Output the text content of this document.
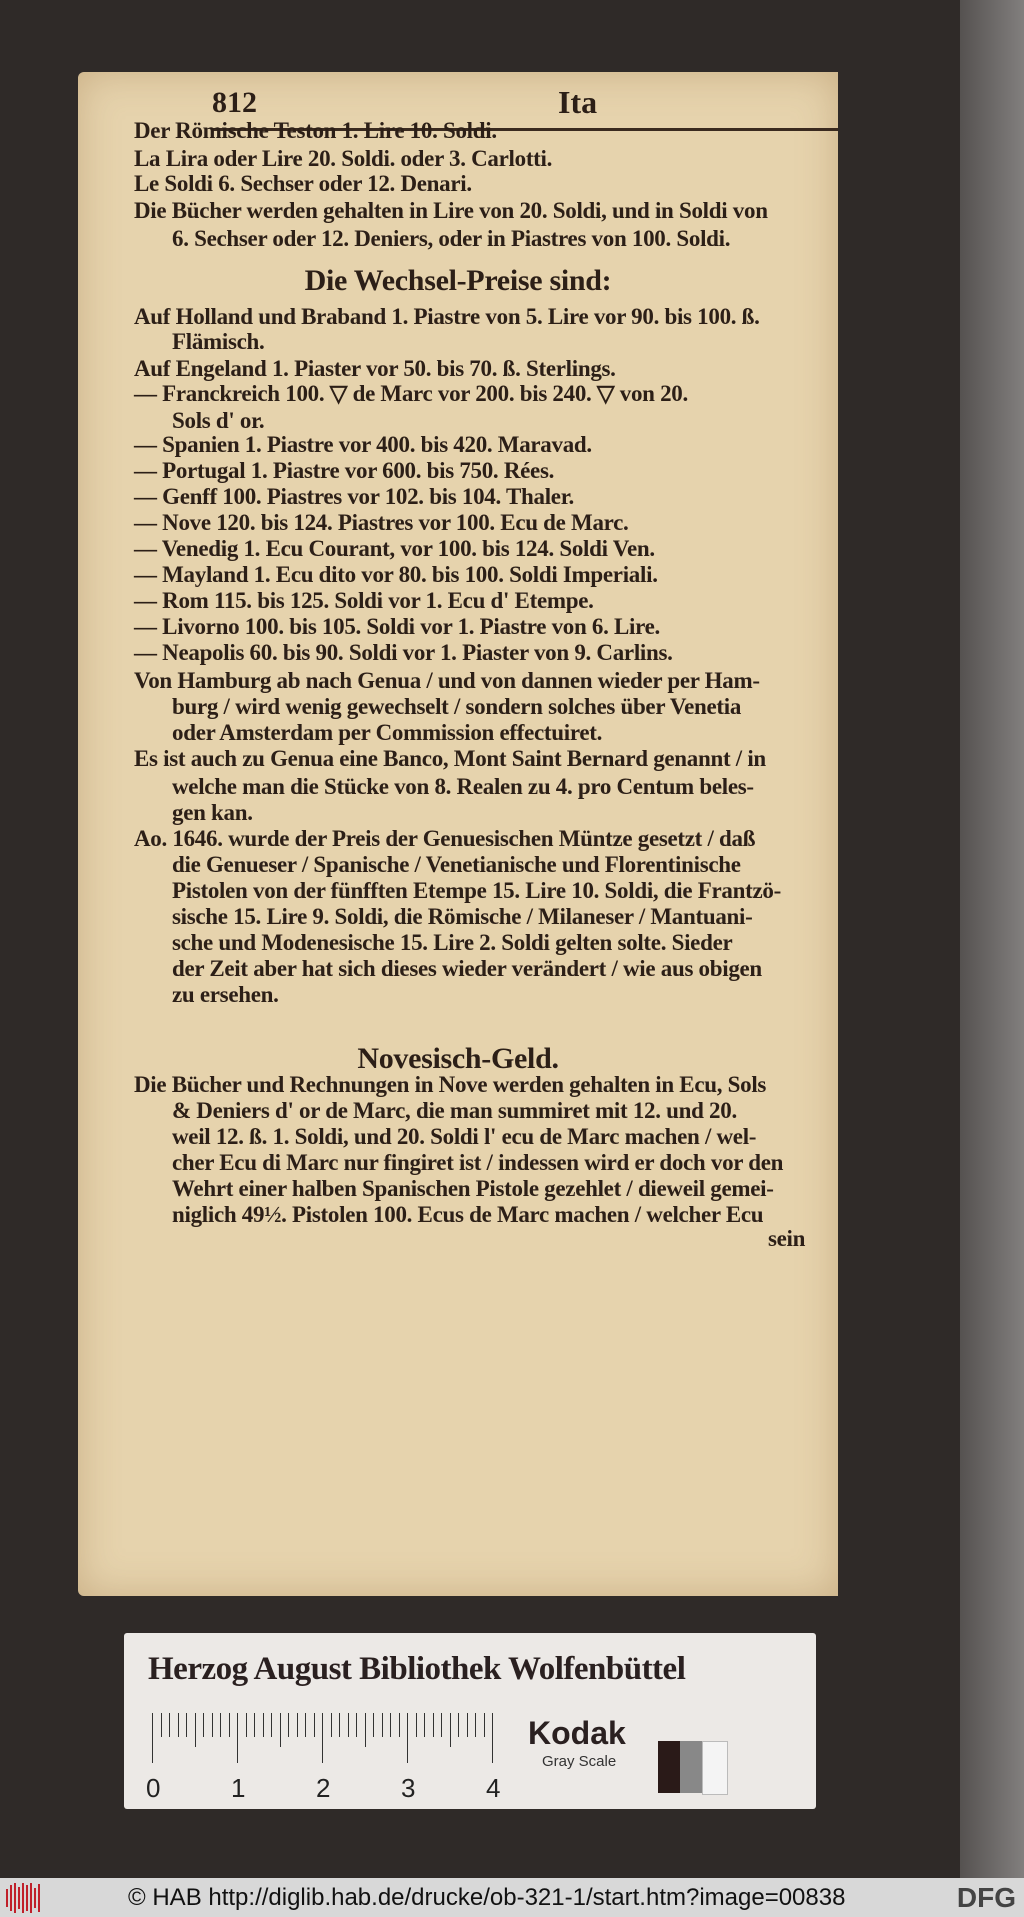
812	Ita
Der Römische Teston 1. Lire 10. Soldi.
La Lira oder Lire 20. Soldi. oder 3. Carlotti.
Le Soldi 6. Sechser oder 12. Denari.
Die Bücher werden gehalten in Lire von 20. Soldi, und in Soldi von
6. Sechser oder 12. Deniers, oder in Piastres von 100. Soldi.
Die Wechsel-Preise sind:
Auf Holland und Braband 1. Piastre von 5. Lire vor 90. bis 100. ß.
Flämisch.
Auf Engeland 1. Piaster vor 50. bis 70. ß. Sterlings.
— Franckreich 100. ▽ de Marc vor 200. bis 240. ▽ von 20.
Sols d' or.
— Spanien 1. Piastre vor 400. bis 420. Maravad.
— Portugal 1. Piastre vor 600. bis 750. Rées.
— Genff 100. Piastres vor 102. bis 104. Thaler.
— Nove 120. bis 124. Piastres vor 100. Ecu de Marc.
— Venedig 1. Ecu Courant, vor 100. bis 124. Soldi Ven.
— Mayland 1. Ecu dito vor 80. bis 100. Soldi Imperiali.
— Rom 115. bis 125. Soldi vor 1. Ecu d' Etempe.
— Livorno 100. bis 105. Soldi vor 1. Piastre von 6. Lire.
— Neapolis 60. bis 90. Soldi vor 1. Piaster von 9. Carlins.
Von Hamburg ab nach Genua / und von dannen wieder per Ham-
burg / wird wenig gewechselt / sondern solches über Venetia
oder Amsterdam per Commission effectuiret.
Es ist auch zu Genua eine Banco, Mont Saint Bernard genannt / in
welche man die Stücke von 8. Realen zu 4. pro Centum beles-
gen kan.
Ao. 1646. wurde der Preis der Genuesischen Müntze gesetzt / daß
die Genueser / Spanische / Venetianische und Florentinische
Pistolen von der fünfften Etempe 15. Lire 10. Soldi, die Frantzö-
sische 15. Lire 9. Soldi, die Römische / Milaneser / Mantuani-
sche und Modenesische 15. Lire 2. Soldi gelten solte. Sieder
der Zeit aber hat sich dieses wieder verändert / wie aus obigen
zu ersehen.
Novesisch-Geld.
Die Bücher und Rechnungen in Nove werden gehalten in Ecu, Sols
& Deniers d' or de Marc, die man summiret mit 12. und 20.
weil 12. ß. 1. Soldi, und 20. Soldi l' ecu de Marc machen / wel-
cher Ecu di Marc nur fingiret ist / indessen wird er doch vor den
Wehrt einer halben Spanischen Pistole gezehlet / dieweil gemei-
niglich 49½. Pistolen 100. Ecus de Marc machen / welcher Ecu
sein
Herzog August Bibliothek Wolfenbüttel
0	1	2	3	4
Kodak
Gray Scale
© HAB http://diglib.hab.de/drucke/ob-321-1/start.htm?image=00838	DFG
